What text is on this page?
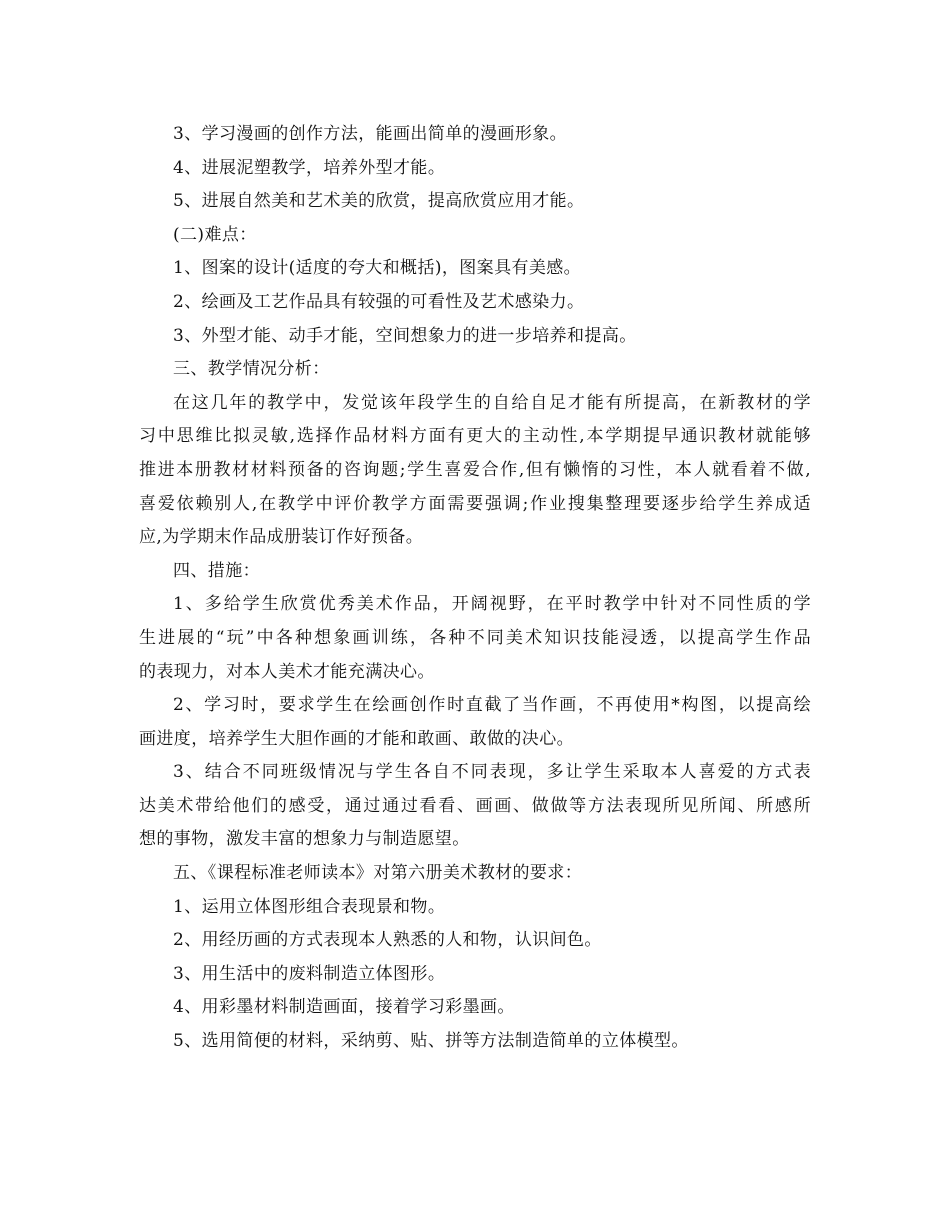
3、学习漫画的创作方法，能画出简单的漫画形象。
4、进展泥塑教学，培养外型才能。
5、进展自然美和艺术美的欣赏，提高欣赏应用才能。
(二)难点：
1、图案的设计(适度的夸大和概括)，图案具有美感。
2、绘画及工艺作品具有较强的可看性及艺术感染力。
3、外型才能、动手才能，空间想象力的进一步培养和提高。
三、教学情况分析：
在这几年的教学中，发觉该年段学生的自给自足才能有所提高，在新教材的学
习中思维比拟灵敏,选择作品材料方面有更大的主动性,本学期提早通识教材就能够
推进本册教材材料预备的咨询题;学生喜爱合作,但有懒惰的习性，本人就看着不做,
喜爱依赖别人,在教学中评价教学方面需要强调;作业搜集整理要逐步给学生养成适
应,为学期末作品成册装订作好预备。
四、措施：
1、多给学生欣赏优秀美术作品，开阔视野，在平时教学中针对不同性质的学
生进展的“玩”中各种想象画训练，各种不同美术知识技能浸透，以提高学生作品
的表现力，对本人美术才能充满决心。
2、学习时，要求学生在绘画创作时直截了当作画，不再使用*构图，以提高绘
画进度，培养学生大胆作画的才能和敢画、敢做的决心。
3、结合不同班级情况与学生各自不同表现，多让学生采取本人喜爱的方式表
达美术带给他们的感受，通过通过看看、画画、做做等方法表现所见所闻、所感所
想的事物，激发丰富的想象力与制造愿望。
五、《课程标准老师读本》对第六册美术教材的要求：
1、运用立体图形组合表现景和物。
2、用经历画的方式表现本人熟悉的人和物，认识间色。
3、用生活中的废料制造立体图形。
4、用彩墨材料制造画面，接着学习彩墨画。
5、选用简便的材料，采纳剪、贴、拼等方法制造简单的立体模型。
